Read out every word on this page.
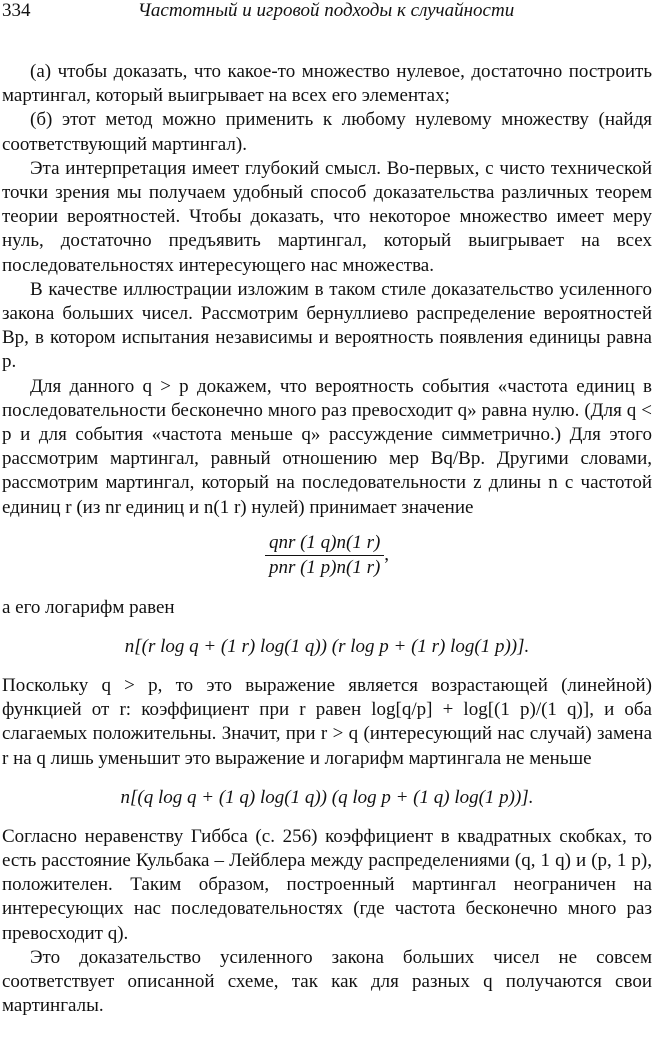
334	Частотный и игровой подходы к случайности

(а) чтобы доказать, что какое-то множество нулевое, достаточно построить мартингал, который выигрывает на всех его элементах;

(б) этот метод можно применить к любому нулевому множеству (найдя соответствующий мартингал).

Эта интерпретация имеет глубокий смысл. Во-первых, с чисто технической точки зрения мы получаем удобный способ доказательства различных теорем теории вероятностей. Чтобы доказать, что некоторое множество имеет меру нуль, достаточно предъявить мартингал, который выигрывает на всех последовательностях интересующего нас множества.

В качестве иллюстрации изложим в таком стиле доказательство усиленного закона больших чисел. Рассмотрим бернуллиево распределение вероятностей Bp, в котором испытания независимы и вероятность появления единицы равна p.

Для данного q > p докажем, что вероятность события «частота единиц в последовательности бесконечно много раз превосходит q» равна нулю. (Для q < p и для события «частота меньше q» рассуждение симметрично.) Для этого рассмотрим мартингал, равный отношению мер Bq/Bp. Другими словами, рассмотрим мартингал, который на последовательности z длины n с частотой единиц r (из nr единиц и n(1 r) нулей) принимает значение

$\frac{\text{qnr (1 q)n(1 r)}}{\text{pnr (1 p)n(1 r)}}$ ,

а его логарифм равен

n[(r log q + (1 r) log(1 q)) (r log p + (1 r) log(1 p))].

Поскольку q > p, то это выражение является возрастающей (линейной) функцией от r: коэффициент при r равен log[q/p] + log[(1 p)/(1 q)], и оба слагаемых положительны. Значит, при r > q (интересующий нас случай) замена r на q лишь уменьшит это выражение и логарифм мартингала не меньше

n[(q log q + (1 q) log(1 q)) (q log p + (1 q) log(1 p))].

Согласно неравенству Гиббса (с. 256) коэффициент в квадратных скобках, то есть расстояние Кульбака – Лейблера между распределениями (q, 1 q) и (p, 1 p), положителен. Таким образом, построенный мартингал неограничен на интересующих нас последовательностях (где частота бесконечно много раз превосходит q).

Это доказательство усиленного закона больших чисел не совсем соответствует описанной схеме, так как для разных q получаются свои мартингалы.
